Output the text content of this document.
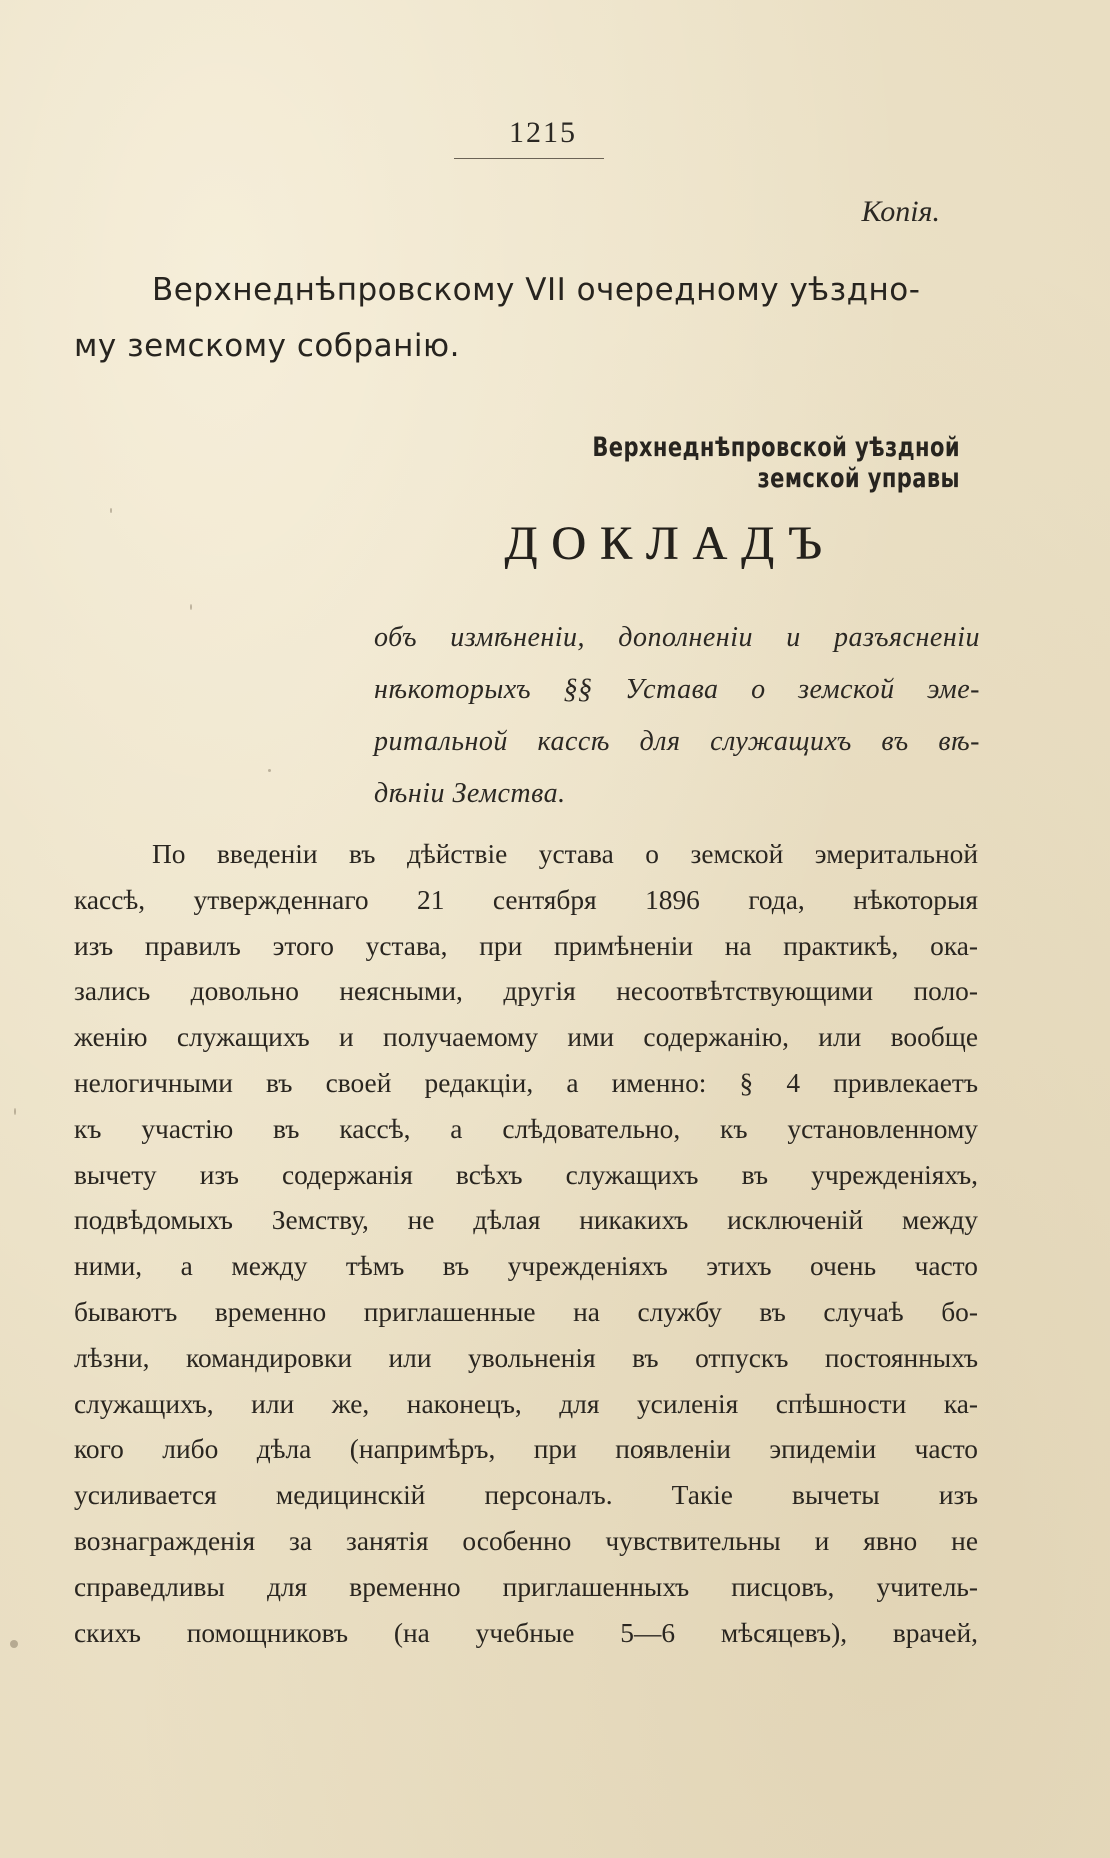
1215
Копія.
Верхнеднѣпровскому VII очередному уѣздно-
му земскому собранію.
Верхнеднѣпровской уѣздной земской управы
ДОКЛАДЪ
объ измѣненіи, дополненіи и разъясненіи
нѣкоторыхъ §§ Устава о земской эме-
ритальной кассѣ для служащихъ въ вѣ-
дѣніи Земства.
По введеніи въ дѣйствіе устава о земской эмеритальной
кассѣ, утвержденнаго 21 сентября 1896 года, нѣкоторыя
изъ правилъ этого устава, при примѣненіи на практикѣ, ока-
зались довольно неясными, другія несоотвѣтствующими поло-
женію служащихъ и получаемому ими содержанію, или вообще
нелогичными въ своей редакціи, а именно: § 4 привлекаетъ
къ участію въ кассѣ, а слѣдовательно, къ установленному
вычету изъ содержанія всѣхъ служащихъ въ учрежденіяхъ,
подвѣдомыхъ Земству, не дѣлая никакихъ исключеній между
ними, а между тѣмъ въ учрежденіяхъ этихъ очень часто
бываютъ временно приглашенные на службу въ случаѣ бо-
лѣзни, командировки или увольненія въ отпускъ постоянныхъ
служащихъ, или же, наконецъ, для усиленія спѣшности ка-
кого либо дѣла (напримѣръ, при появленіи эпидеміи часто
усиливается медицинскій персоналъ. Такіе вычеты изъ
вознагражденія за занятія особенно чувствительны и явно не
справедливы для временно приглашенныхъ писцовъ, учитель-
скихъ помощниковъ (на учебные 5—6 мѣсяцевъ), врачей,
